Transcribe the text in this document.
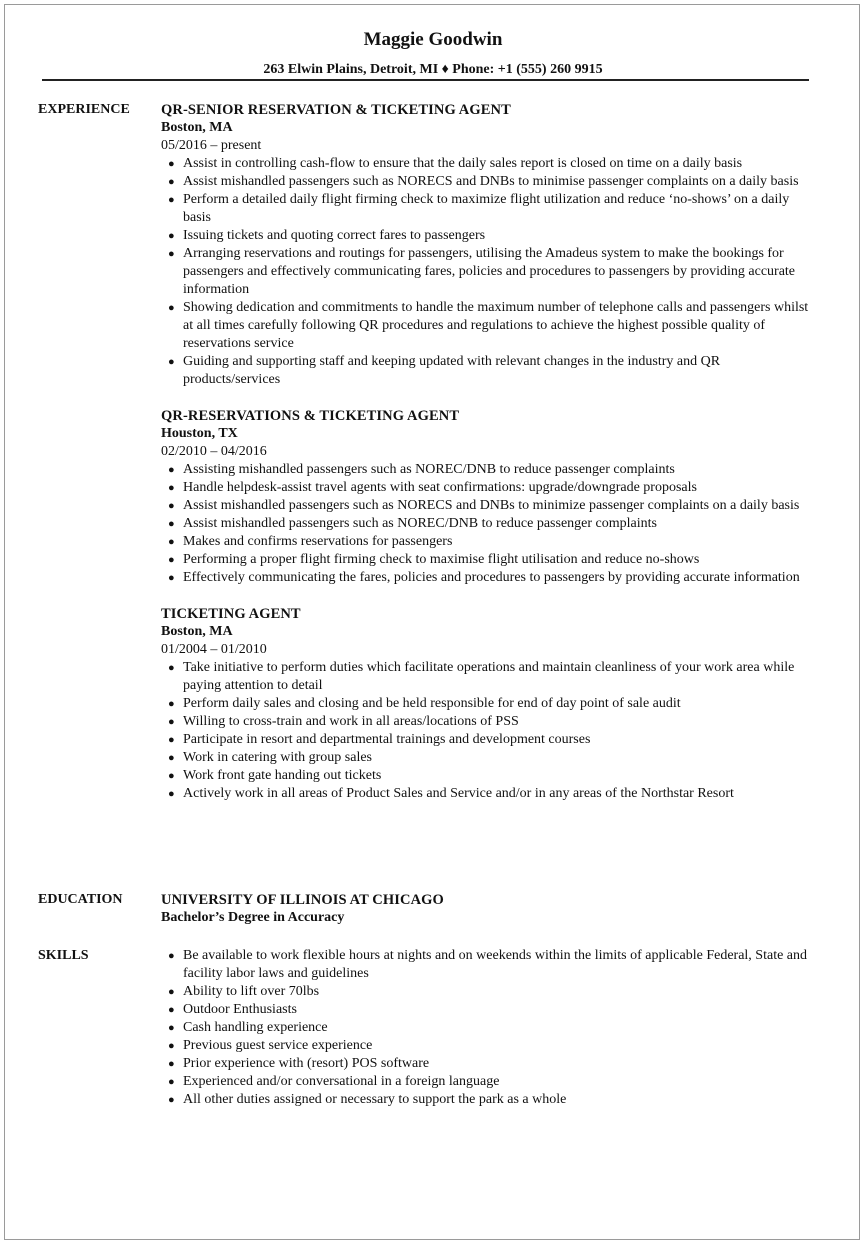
Maggie Goodwin
263 Elwin Plains, Detroit, MI ♦ Phone: +1 (555) 260 9915
EXPERIENCE QR-SENIOR RESERVATION & TICKETING AGENT
Boston, MA
05/2016 – present
● Assist in controlling cash-flow to ensure that the daily sales report is closed on time on a daily basis
● Assist mishandled passengers such as NORECS and DNBs to minimise passenger complaints on a daily basis
● Perform a detailed daily flight firming check to maximize flight utilization and reduce ‘no-shows’ on a daily basis
● Issuing tickets and quoting correct fares to passengers
● Arranging reservations and routings for passengers, utilising the Amadeus system to make the bookings for passengers and effectively communicating fares, policies and procedures to passengers by providing accurate information
● Showing dedication and commitments to handle the maximum number of telephone calls and passengers whilst at all times carefully following QR procedures and regulations to achieve the highest possible quality of reservations service
● Guiding and supporting staff and keeping updated with relevant changes in the industry and QR products/services
QR-RESERVATIONS & TICKETING AGENT
Houston, TX
02/2010 – 04/2016
● Assisting mishandled passengers such as NOREC/DNB to reduce passenger complaints
● Handle helpdesk-assist travel agents with seat confirmations: upgrade/downgrade proposals
● Assist mishandled passengers such as NORECS and DNBs to minimize passenger complaints on a daily basis
● Assist mishandled passengers such as NOREC/DNB to reduce passenger complaints
● Makes and confirms reservations for passengers
● Performing a proper flight firming check to maximise flight utilisation and reduce no-shows
● Effectively communicating the fares, policies and procedures to passengers by providing accurate information
TICKETING AGENT
Boston, MA
01/2004 – 01/2010
● Take initiative to perform duties which facilitate operations and maintain cleanliness of your work area while paying attention to detail
● Perform daily sales and closing and be held responsible for end of day point of sale audit
● Willing to cross-train and work in all areas/locations of PSS
● Participate in resort and departmental trainings and development courses
● Work in catering with group sales
● Work front gate handing out tickets
● Actively work in all areas of Product Sales and Service and/or in any areas of the Northstar Resort
EDUCATION	UNIVERSITY OF ILLINOIS AT CHICAGO
Bachelor’s Degree in Accuracy
SKILLS	● Be available to work flexible hours at nights and on weekends within the limits of applicable Federal, State and facility labor laws and guidelines
● Ability to lift over 70lbs
● Outdoor Enthusiasts
● Cash handling experience
● Previous guest service experience
● Prior experience with (resort) POS software
● Experienced and/or conversational in a foreign language
● All other duties assigned or necessary to support the park as a whole
